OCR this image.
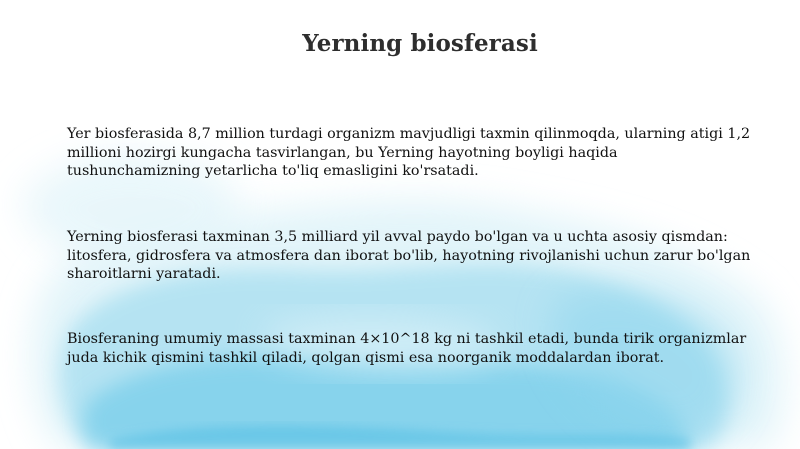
Yerning biosferasi

Yer biosferasida 8,7 million turdagi organizm mavjudligi taxmin qilinmoqda, ularning atigi 1,2
millioni hozirgi kungacha tasvirlangan, bu Yerning hayotning boyligi haqida
tushunchamizning yetarlicha to'liq emasligini ko'rsatadi.

Yerning biosferasi taxminan 3,5 milliard yil avval paydo bo'lgan va u uchta asosiy qismdan:
litosfera, gidrosfera va atmosfera dan iborat bo'lib, hayotning rivojlanishi uchun zarur bo'lgan
sharoitlarni yaratadi.

Biosferaning umumiy massasi taxminan 4×10^18 kg ni tashkil etadi, bunda tirik organizmlar
juda kichik qismini tashkil qiladi, qolgan qismi esa noorganik moddalardan iborat.
